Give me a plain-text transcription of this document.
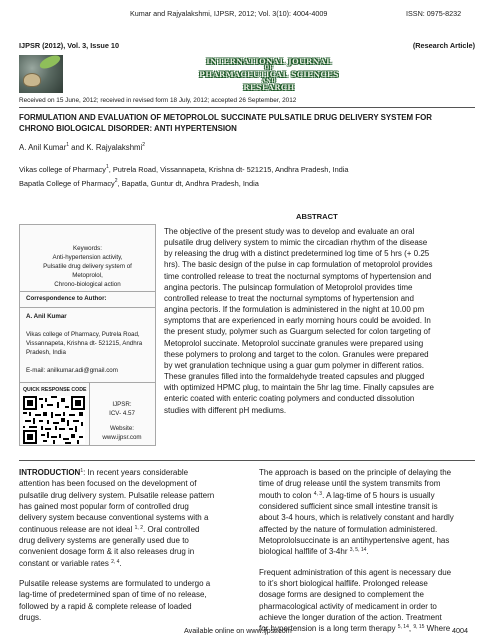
Kumar and Rajyalakshmi, IJPSR, 2012; Vol. 3(10): 4004-4009	ISSN: 0975-8232
IJPSR (2012), Vol. 3, Issue 10	(Research Article)
INTERNATIONAL JOURNAL
OF
PHARMACEUTICAL SCIENCES
AND
RESEARCH
Received on 15 June, 2012; received in revised form 18 July, 2012; accepted 26 September, 2012
FORMULATION AND EVALUATION OF METOPROLOL SUCCINATE PULSATILE DRUG DELIVERY SYSTEM FOR
CHRONO BIOLOGICAL DISORDER: ANTI HYPERTENSION
A. Anil Kumar$^1$ and K. Rajyalakshmi$^2$
Vikas college of Pharmacy$^1$, Putrela Road, Vissannapeta, Krishna dt- 521215, Andhra Pradesh, India
Bapatla College of Pharmacy$^2$, Bapatla, Guntur dt, Andhra Pradesh, India
ABSTRACT
Keywords:
Anti-hypertension activity,
Pulsatile drug delivery system of
Metoprolol,
Chrono-biological action
Correspondence to Author:
A. Anil Kumar
Vikas college of Pharmacy, Putrela Road,
Vissannapeta, Krishna dt- 521215, Andhra
Pradesh, India
E-mail: anilkumar.adi@gmail.com
QUICK RESPONSE CODE
IJPSR:
ICV- 4.57
Website:
www.ijpsr.com
The objective of the present study was to develop and evaluate an oral
pulsatile drug delivery system to mimic the circadian rhythm of the disease
by releasing the drug with a distinct predetermined log time of 5 hrs (+ 0.25
hrs). The basic design of the pulse in cap formulation of metoprolol provides
time controlled release to treat the nocturnal symptoms of hypertension and
angina pectoris. The pulsincap formulation of Metoprolol provides time
controlled release to treat the nocturnal symptoms of hypertension and
angina pectoris. If the formulation is administered in the night at 10.00 pm
symptoms that are experienced in early morning hours could be avoided. In
the present study, polymer such as Guargum selected for colon targeting of
Metoprolol succinate. Metoprolol succinate granules were prepared using
these polymers to prolong and target to the colon. Granules were prepared
by wet granulation technique using a guar gum polymer in different ratios.
These granules filled into the formaldehyde treated capsules and plugged
with optimized HPMC plug, to maintain the 5hr lag time. Finally capsules are
enteric coated with enteric coating polymers and conducted dissolution
studies with different pH mediums.
INTRODUCTION$^1$: In recent years considerable
attention has been focused on the development of
pulsatile drug delivery system. Pulsatile release pattern
has gained most popular form of controlled drug
delivery system because conventional systems with a
continuous release are not ideal $^{1, 2}$. Oral controlled
drug delivery systems are generally used due to
convenient dosage form & it also releases drug in
constant or variable rates $^{2, 4}$.
Pulsatile release systems are formulated to undergo a
lag-time of predetermined span of time of no release,
followed by a rapid & complete release of loaded
drugs.
The approach is based on the principle of delaying the
time of drug release until the system transmits from
mouth to colon $^{4, 3}$. A lag-time of 5 hours is usually
considered sufficient since small intestine transit is
about 3-4 hours, which is relatively constant and hardly
affected by the nature of formulation administered.
Metoprololsuccinate is an antihypertensive agent, has
biological halflife of 3-4hr $^{3, 5, 14}$.
Frequent administration of this agent is necessary due
to it’s short biological halflife. Prolonged release
dosage forms are designed to complement the
pharmacological activity of medicament in order to
achieve the longer duration of the action. Treatment
for hypertension is a long term therapy $^{5, 14}$, $^{9, 15}$ Where
Available online on www.ijpsr.com	4004
